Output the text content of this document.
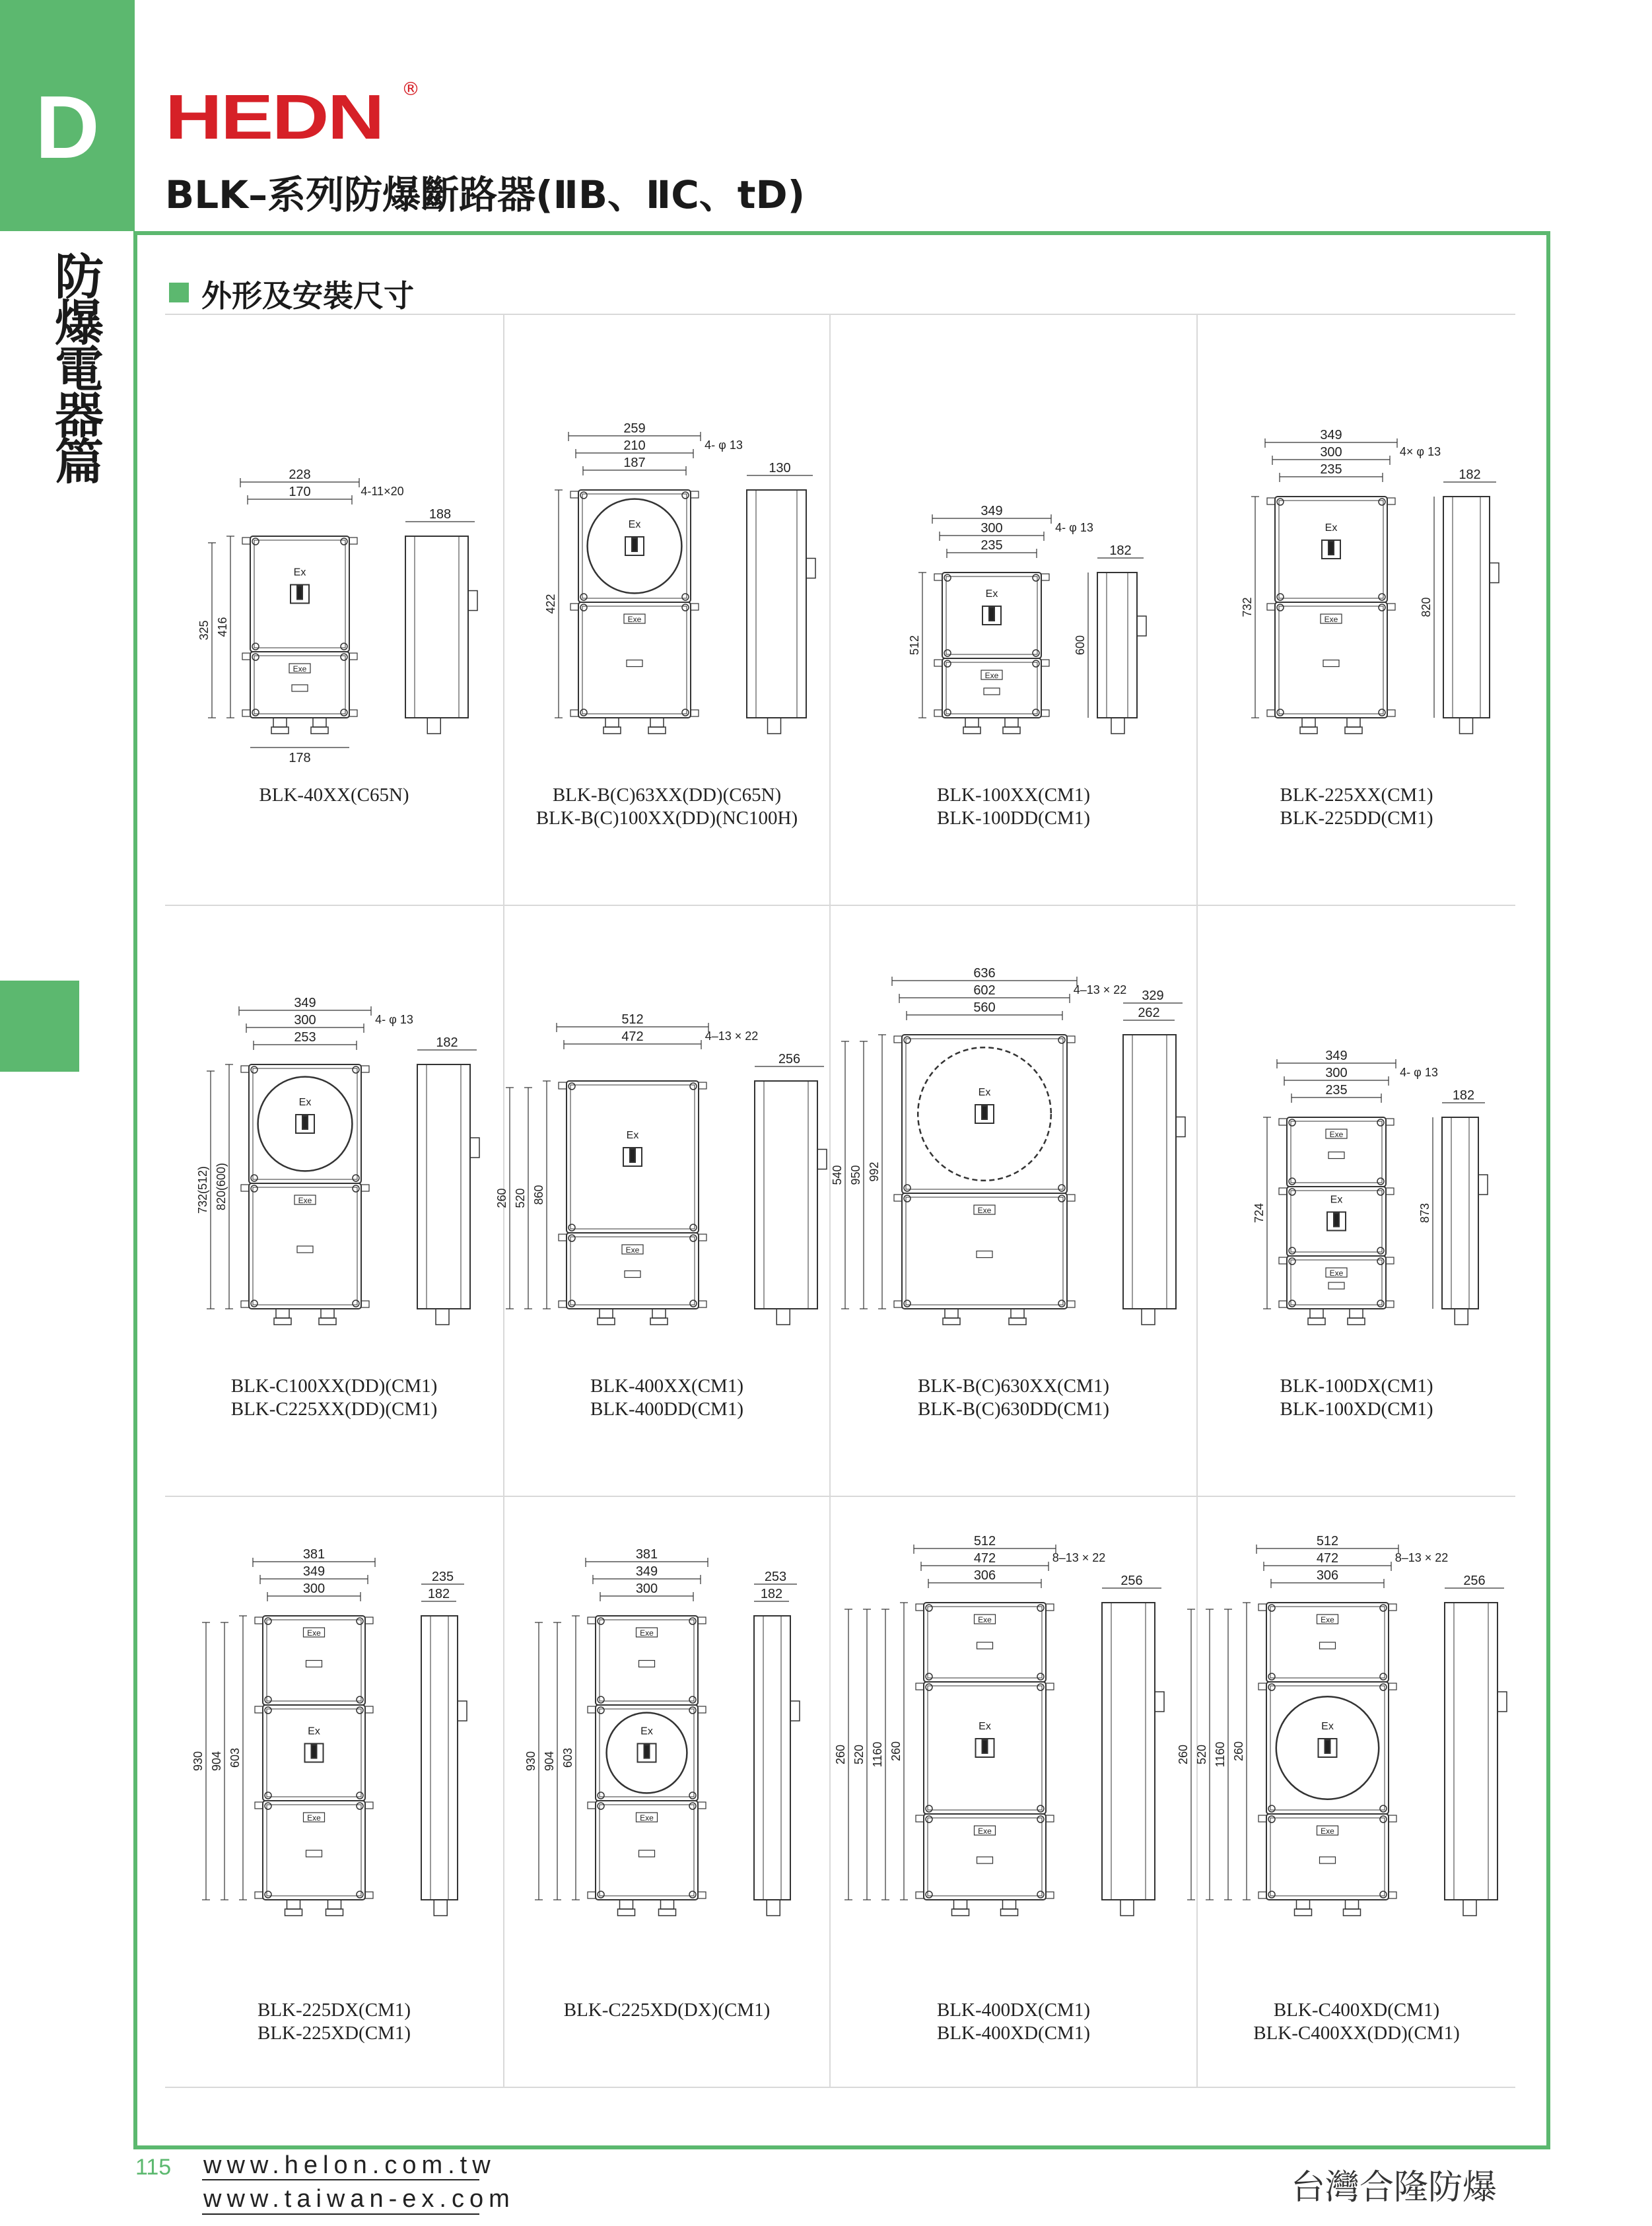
D
防
爆
電
器
篇
HEDN ®
BLK–系列防爆斷路器(ⅡB、ⅡC、tD)
外形及安裝尺寸
228
170	4-11×20
Ex
Exe
416
325
178
188
BLK-40XX(C65N)
259
210
187
4- φ 13
Ex
Exe
422
130
BLK-B(C)63XX(DD)(C65N)
BLK-B(C)100XX(DD)(NC100H)
349
300
235
4- φ 13
Ex
Exe
512	600
182
BLK-100XX(CM1)
BLK-100DD(CM1)
349
300
235
4× φ 13
Ex
Exe
732	820
182
BLK-225XX(CM1)
BLK-225DD(CM1)
349
300
253
4- φ 13
Ex
Exe
820(600)
732(512)
182
BLK-C100XX(DD)(CM1)
BLK-C225XX(DD)(CM1)
512
472	4–13 × 22
Ex
Exe
860
520
260
256
BLK-400XX(CM1)
BLK-400DD(CM1)
636
602
560
4–13 × 22
Ex
Exe
992
950
540
329
262
BLK-B(C)630XX(CM1)
BLK-B(C)630DD(CM1)
349
300
235
4- φ 13
Exe
Ex
Exe
724	873
182
BLK-100DX(CM1)
BLK-100XD(CM1)
381
349
300
Exe
Ex
Exe
603
904
930
235
182
BLK-225DX(CM1)
BLK-225XD(CM1)
381
349
300
Exe
Ex
Exe
603
904
930
253
182
BLK-C225XD(DX)(CM1)
512
472
306
8–13 × 22
Exe
Ex
Exe
260
1160
520
260
256
BLK-400DX(CM1)
BLK-400XD(CM1)
512
472
306
8–13 × 22
Exe
Ex
Exe
260
1160
520
260
256
BLK-C400XD(CM1)
BLK-C400XX(DD)(CM1)
115 www.helon.com.tw
www.taiwan-ex.com	台灣合隆防爆
